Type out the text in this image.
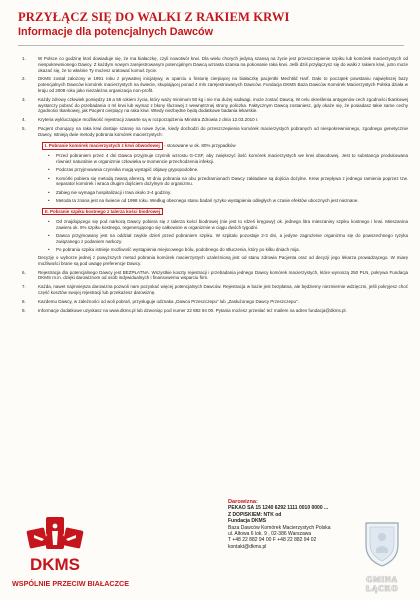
PRZYŁĄCZ SIĘ DO WALKI Z RAKIEM KRWI
Informacje dla potencjalnych Dawców
1.	W Polsce co godzinę ktoś dowiaduje się, że ma białaczkę, czyli nowotwór krwi. Dla wielu chorych jedyną szansą na życie jest przeszczepienie szpiku lub komórek macierzystych od niespokrewnionego Dawcy. Z każdym nowym zarejestrowanym potencjalnym Dawcą wzrasta szansa na pokonanie raka krwi. Jeśli dziś przyłączysz się do walki z rakiem krwi, jutro może okazać się, że to właśnie Ty możesz uratować komuś życie.

2.	DKMS został założony w 1991 roku z prywatnej inicjatywy, w oparciu o historię cierpiącej na białaczkę pacjentki Mechtild Harf. Dało to początek powstaniu największej bazy potencjalnych Dawców komórek macierzystych na świecie, skupiającej ponad 4 mln zarejestrowanych Dawców. Fundacja DKMS Baza Dawców Komórek Macierzystych Polska działa w kraju od 2008 roku jako niezależna organizacja non-profit.

3.	Każdy zdrowy człowiek pomiędzy 18 a 55 rokiem życia, który waży minimum 50 kg i nie ma dużej nadwagi, może zostać Dawcą. W celu określenia antygenów cech zgodności tkankowej wystarczy pobrać do przebadania 4 ml krwi lub wymaz z błony śluzowej z wewnętrznej strony policzka. Faktycznym Dawcą zostaniesz, gdy okaże się, że posiadasz takie same cechy zgodności tkankowej, jak Pacjent cierpiący na raka krwi. Wtedy niezbędne będą dodatkowe badania lekarskie.

4.	Kryteria wykluczające możliwość rejestracji zawarte są w rozporządzeniu Ministra Zdrowia z dnia 12.03.2010 r.

5.	Pacjent chorujący na raka krwi dostaje szansę na nowe życie, kiedy dochodzi do przeszczepienia komórek macierzystych pobranych od niespokrewnionego, zgodnego genetycznie Dawcy. Istnieją dwie metody pobrania komórek macierzystych:

I. Pobranie komórek macierzystych z krwi obwodowej - stosowane w ok. 80% przypadków
• Przed pobraniem przez 4 dni Dawca przyjmuje czynnik wzrostu G-CSF, aby zwiększyć ilość komórek macierzystych we krwi obwodowej. Jest to substancja produkowana również naturalnie w organizmie człowieka w momencie przechodzenia infekcji.

• Podczas przyjmowania czynnika mogą wystąpić objawy grypopodobne.

• Komórki pobiera się metodą zwaną aferezą. W dniu pobrania na obu przedramionach Dawcy zakładane są dojścia dożylne. Krew przepływa z jednego ramienia poprzez tzw. separator komórek i wraca drugim dojściem dożylnym do organizmu.

• Zabieg nie wymaga hospitalizacji i trwa około 3-4 godziny.

• Metoda ta znana jest na świecie od 1998 roku. Według obecnego stanu badań ryzyko wystąpienia odległych w czasie efektów ubocznych jest nieznane.

II. Pobranie szpiku kostnego z talerza kości biodrowej
• Od znajdującego się pod narkozą Dawcy pobiera się z talerza kości biodrowej (nie jest to rdzeń kręgowy) ok. jednego litra mieszaniny szpiku kostnego i krwi. Mieszanina zawiera ok. 5% szpiku kostnego, regenerującego się całkowicie w organizmie w ciągu dwóch tygodni.

• Dawca przyjmowany jest na oddział zwykle dzień przed pobraniem szpiku. W szpitalu pozostaje 2-3 dni, a jedyne zagrożenie organizmu się do powszechnego ryzyka związanego z podaniem narkozy.

• Po pobraniu szpiku istnieje możliwość wystąpienia miejscowego bólu, podobnego do stłuczenia, który po kilku dniach mija.

Decyzję o wyborze jednej z powyższych metod pobrania komórek macierzystych uzależnioną jest od stanu zdrowia Pacjenta oraz od decyzji jego lekarza prowadzącego. W miarę możliwości brane są pod uwagę preferencje Dawcy.

6.	Rejestracja dla potencjalnego Dawcy jest BEZPŁATNA. Wszystkie koszty rejestracji i przebadania jednego Dawcy komórek macierzystych, które wynoszą 250 PLN, pokrywa Fundacja DKMS m.in. dzięki darowiznom od osób indywidualnych i finansowemu wsparciu firm.

7.	Każda, nawet najmniejsza darowizna pozwoli nam pozyskać więcej potencjalnych Dawców. Rejestracja w bazie jest bezpłatna, ale będziemy niezmiernie wdzięczni, jeśli pokryjesz choć część kosztów swojej rejestracji lub przekażesz darowiznę.

8.	Kazdemu Dawcy, w zależności od woli pobrań, przysługuje odznaka „Dawca Przeszczepu” lub „Zasłużonego Dawcy Przeszczepu”.

9.	Informacje dodatkowe uzyskasz na www.dkms.pl lub dzwoniąc pod numer 22 882 94 00. Pytania możesz przesłać też mailem na adres fundacja@dkms.pl.

DKMS
WSPÓLNIE PRZECIW BIAŁACZCE
Darowizna:
PEKAO SA 15 1240 6292 1111 0010 0000 ...
Z DOPISKIEM: NTK od
Fundacja DKMS
Baza Dawców Komórek Macierzystych Polska
ul. Altowa 6 lok. 9 , 02-386 Warszawa
T +48 22 882 94 00 F +48 22 882 94 02
kontakt@dkms.pl
GMINA ŁĄCKO
